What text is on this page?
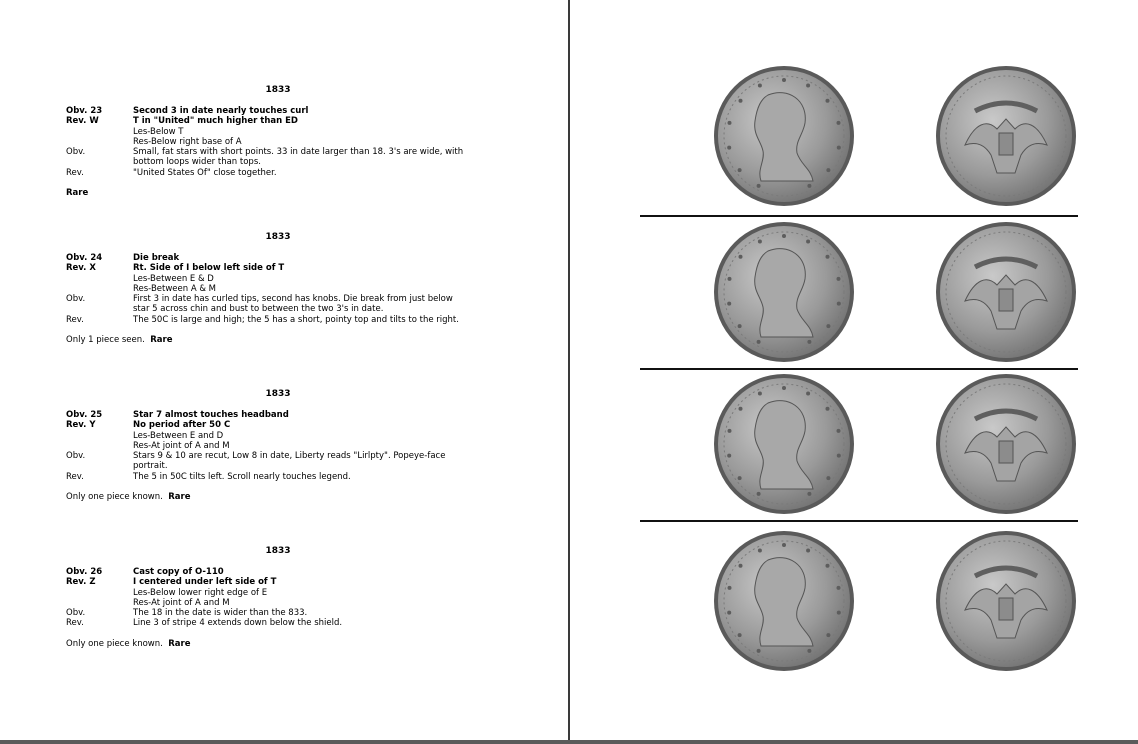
1833
Obv. 23	Second 3 in date nearly touches curl
Rev. W	T in "United" much higher than ED
Les-Below T
Res-Below right base of A
Obv.	Small, fat stars with short points. 33 in date larger than 18. 3's are wide, with bottom loops wider than tops.
Rev.	"United States Of" close together.
Rare
1833
Obv. 24	Die break
Rev. X	Rt. Side of I below left side of T
Les-Between E & D
Res-Between A & M
Obv.	First 3 in date has curled tips, second has knobs. Die break from just below star 5 across chin and bust to between the two 3's in date.
Rev.	The 50C is large and high; the 5 has a short, pointy top and tilts to the right.
Only 1 piece seen. Rare
1833
Obv. 25	Star 7 almost touches headband
Rev. Y	No period after 50 C
Les-Between E and D
Res-At joint of A and M
Obv.	Stars 9 & 10 are recut, Low 8 in date, Liberty reads "Lirlpty". Popeye-face portrait.
Rev.	The 5 in 50C tilts left. Scroll nearly touches legend.
Only one piece known. Rare
1833
Obv. 26	Cast copy of O-110
Rev. Z	I centered under left side of T
Les-Below lower right edge of E
Res-At joint of A and M
Obv.	The 18 in the date is wider than the 833.
Rev.	Line 3 of stripe 4 extends down below the shield.
Only one piece known. Rare
